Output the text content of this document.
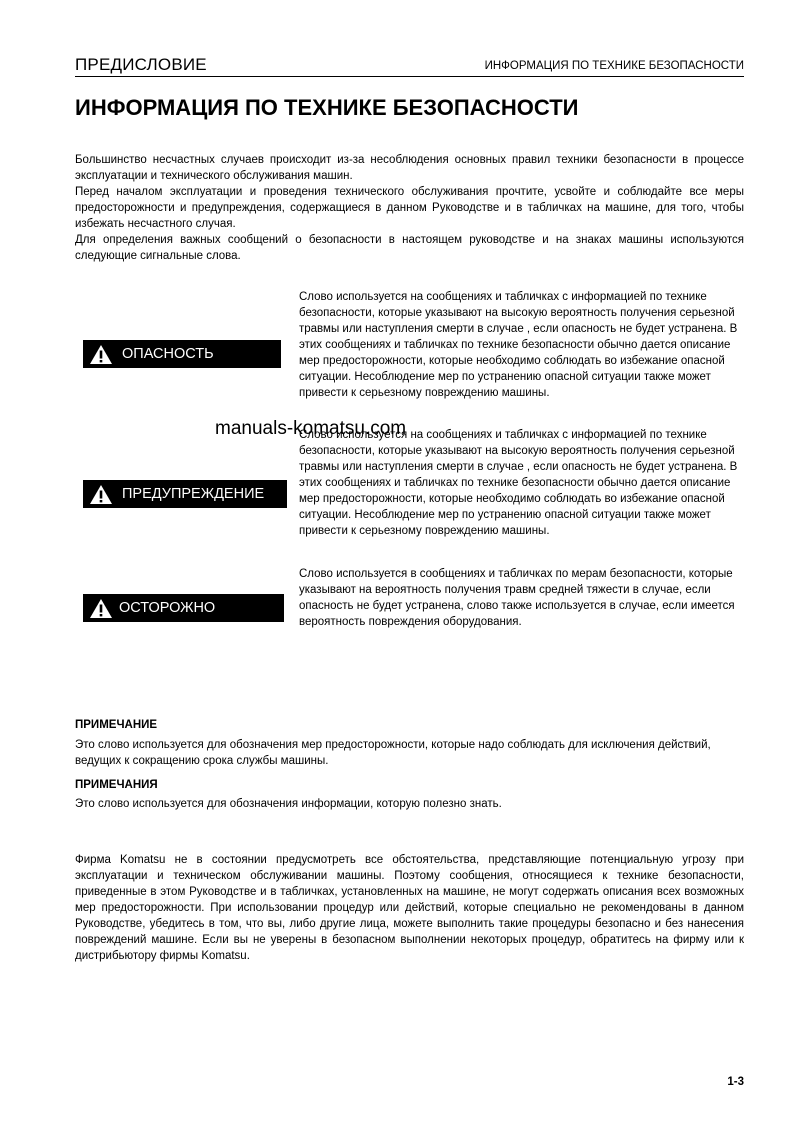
ПРЕДИСЛОВИЕ	ИНФОРМАЦИЯ ПО ТЕХНИКЕ БЕЗОПАСНОСТИ
ИНФОРМАЦИЯ ПО ТЕХНИКЕ БЕЗОПАСНОСТИ

Большинство несчастных случаев происходит из-за несоблюдения основных правил техники безопасности в процессе эксплуатации и технического обслуживания машин.

Перед началом эксплуатации и проведения технического обслуживания прочтите, усвойте и соблюдайте все меры предосторожности и предупреждения, содержащиеся в данном Руководстве и в табличках на машине, для того, чтобы избежать несчастного случая.

Для определения важных сообщений о безопасности в настоящем руководстве и на знаках машины используются следующие сигнальные слова.

ОПАСНОСТЬ

Слово используется на сообщениях и табличках с информацией по технике безопасности, которые указывают на высокую вероятность получения серьезной травмы или наступления смерти в случае , если опасность не будет устранена. В этих сообщениях и табличках по технике безопасности обычно дается описание мер предосторожности, которые необходимо соблюдать во избежание опасной ситуации. Несоблюдение мер по устранению опасной ситуации также может привести к серьезному повреждению машины.

ПРЕДУПРЕЖДЕНИЕ

Слово используется на сообщениях и табличках с информацией по технике безопасности, которые указывают на высокую вероятность получения серьезной травмы или наступления смерти в случае , если опасность не будет устранена. В этих сообщениях и табличках по технике безопасности обычно дается описание мер предосторожности, которые необходимо соблюдать во избежание опасной ситуации. Несоблюдение мер по устранению опасной ситуации также может привести к серьезному повреждению машины.

ОСТОРОЖНО

Слово используется в сообщениях и табличках по мерам безопасности, которые указывают на вероятность получения травм средней тяжести в случае, если опасность не будет устранена, слово также используется в случае, если имеется вероятность повреждения оборудования.

manuals-komatsu.com
ПРИМЕЧАНИЕ

Это слово используется для обозначения мер предосторожности, которые надо соблюдать для исключения действий, ведущих к сокращению срока службы машины.

ПРИМЕЧАНИЯ

Это слово используется для обозначения информации, которую полезно знать.

Фирма Komatsu не в состоянии предусмотреть все обстоятельства, представляющие потенциальную угрозу при эксплуатации и техническом обслуживании машины. Поэтому сообщения, относящиеся к технике безопасности, приведенные в этом Руководстве и в табличках, установленных на машине, не могут содержать описания всех возможных мер предосторожности. При использовании процедур или действий, которые специально не рекомендованы в данном Руководстве, убедитесь в том, что вы, либо другие лица, можете выполнить такие процедуры безопасно и без нанесения повреждений машине. Если вы не уверены в безопасном выполнении некоторых процедур, обратитесь на фирму или к дистрибьютору фирмы Komatsu.

1-3
